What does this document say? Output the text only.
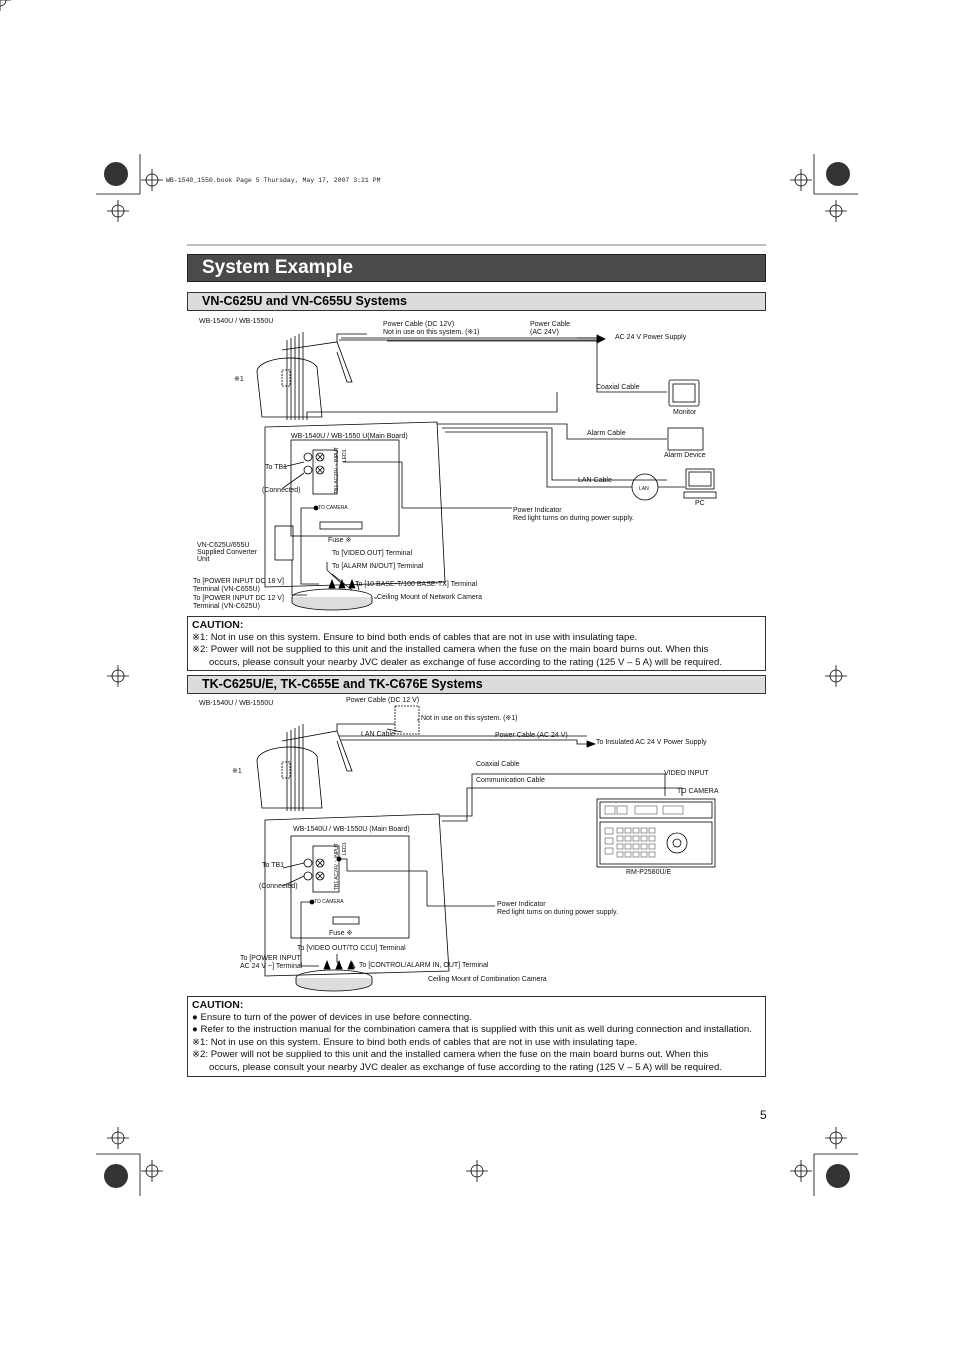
WB-1540_1550.book Page 5 Thursday, May 17, 2007 3:21 PM
System Example
VN-C625U and VN-C655U Systems
WB-1540U / WB-1550U	Power Cable (DC 12V)
Not in use on this system. (※1)
Power Cable
(AC 24V)
AC 24 V Power Supply
※1
Coaxial Cable
Monitor
WB-1540U / WB-1550 U(Main Board)	Alarm Cable
Alarm Device
To TB1	TB1 AC24V ~ INPUT LED1
LAN Cable
LAN
(Connected)
PC
TO CAMERA	Power Indicator
Red light turns on during power supply.
Fuse ※
VN-C625U/655U
Supplied Converter
Unit
To [VIDEO OUT] Terminal
To [ALARM IN/OUT] Terminal
To [POWER INPUT DC 18 V]
Terminal (VN-C655U)
To [10 BASE-T/100 BASE-TX] Terminal
To [POWER INPUT DC 12 V]	Ceiling Mount of Network Camera
Terminal (VN-C625U)
CAUTION:
※1: Not in use on this system. Ensure to bind both ends of cables that are not in use with insulating tape.
※2: Power will not be supplied to this unit and the installed camera when the fuse on the main board burns out. When this
occurs, please consult your nearby JVC dealer as exchange of fuse according to the rating (125 V – 5 A) will be required.
TK-C625U/E, TK-C655E and TK-C676E Systems
WB-1540U / WB-1550U	Power Cable (DC 12 V)
Not in use on this system. (※1)
LAN Cable	Power Cable (AC 24 V)
To Insulated AC 24 V Power Supply
※1
Coaxial Cable
VIDEO INPUT
Communication Cable
TO CAMERA
WB-1540U / WB-1550U (Main Board)
TB1 AC24V ~ INPUT LED1
To TB1
RM-P2580U/E
(Connected)
TO CAMERA	Power Indicator
Red light turns on during power supply.
Fuse ※
To [VIDEO OUT/TO CCU] Terminal
To [POWER INPUT
To [CONTROL/ALARM IN, OUT] Terminal
AC 24 V ~] Terminal
Ceiling Mount of Combination Camera
CAUTION:
● Ensure to turn of the power of devices in use before connecting.
● Refer to the instruction manual for the combination camera that is supplied with this unit as well during connection and installation.
※1: Not in use on this system. Ensure to bind both ends of cables that are not in use with insulating tape.
※2: Power will not be supplied to this unit and the installed camera when the fuse on the main board burns out. When this
occurs, please consult your nearby JVC dealer as exchange of fuse according to the rating (125 V – 5 A) will be required.
5
